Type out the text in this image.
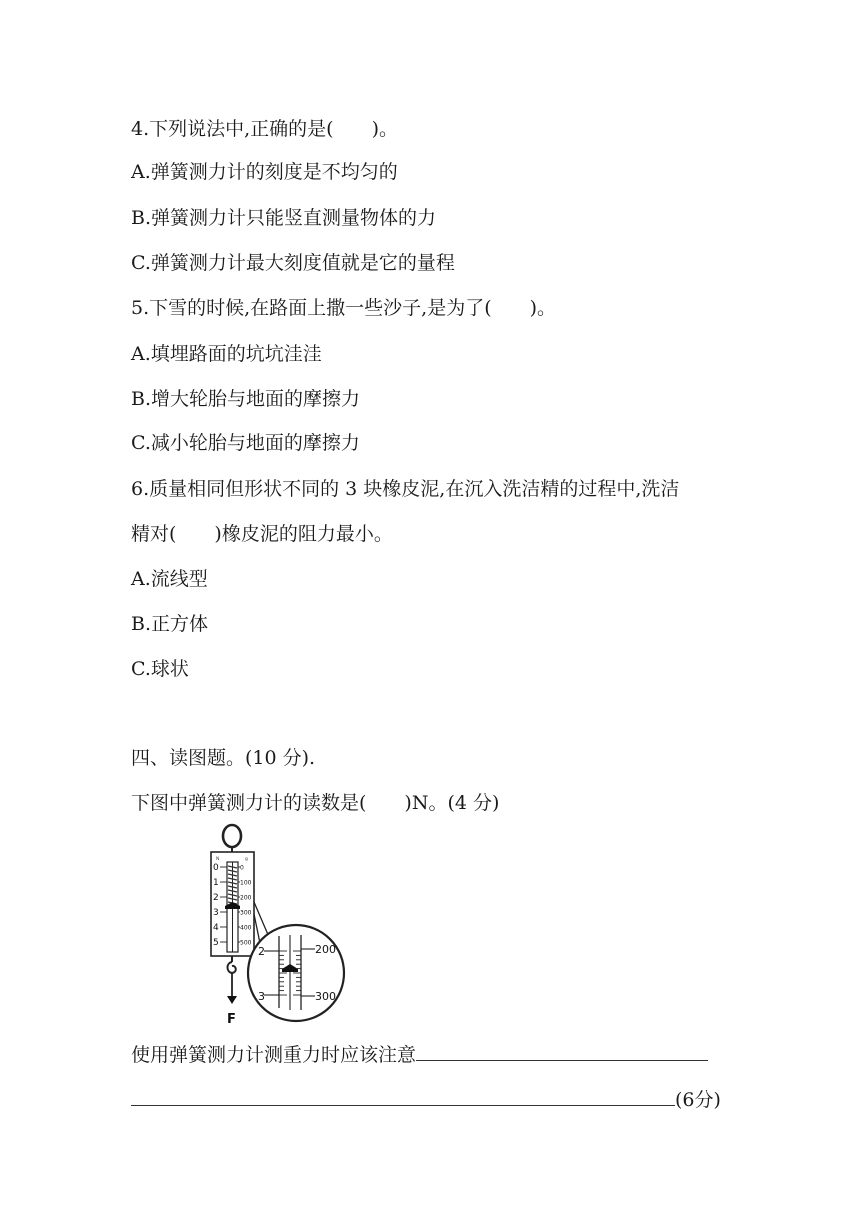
4.下列说法中,正确的是(　　)。
A.弹簧测力计的刻度是不均匀的
B.弹簧测力计只能竖直测量物体的力
C.弹簧测力计最大刻度值就是它的量程
5.下雪的时候,在路面上撒一些沙子,是为了(　　)。
A.填埋路面的坑坑洼洼
B.增大轮胎与地面的摩擦力
C.减小轮胎与地面的摩擦力
6.质量相同但形状不同的 3 块橡皮泥,在沉入洗洁精的过程中,洗洁
精对(　　)橡皮泥的阻力最小。
A.流线型
B.正方体
C.球状
四、读图题。(10 分).
下图中弹簧测力计的读数是(　　)N。(4 分)
N	g
0
1
2
3
4
5
0
100
200
300
400
500
F
2
3
200
300
使用弹簧测力计测重力时应该注意
(6分)
